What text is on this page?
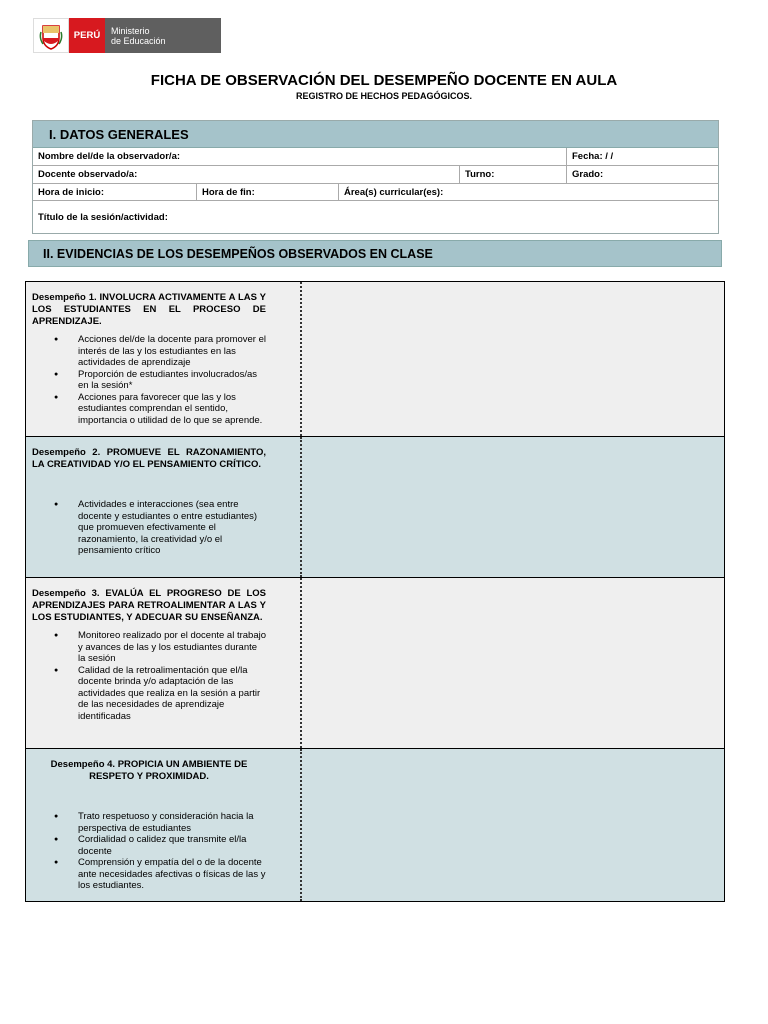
PERÚ	Ministerio
de Educación
FICHA DE OBSERVACIÓN DEL DESEMPEÑO DOCENTE EN AULA
REGISTRO DE HECHOS PEDAGÓGICOS.
I. DATOS GENERALES
Nombre del/de la observador/a:	Fecha: / /
Docente observado/a:	Turno:	Grado:
Hora de inicio:	Hora de fin:	Área(s) curricular(es):
Título de la sesión/actividad:
II. EVIDENCIAS DE LOS DESEMPEÑOS OBSERVADOS EN CLASE
Desempeño 1. INVOLUCRA ACTIVAMENTE A LAS Y LOS ESTUDIANTES EN EL PROCESO DE APRENDIZAJE.
● Acciones del/de la docente para promover el interés de las y los estudiantes en las actividades de aprendizaje
● Proporción de estudiantes involucrados/as en la sesión*
● Acciones para favorecer que las y los estudiantes comprendan el sentido, importancia o utilidad de lo que se aprende.
Desempeño 2. PROMUEVE EL RAZONAMIENTO, LA CREATIVIDAD Y/O EL PENSAMIENTO CRÍTICO.
● Actividades e interacciones (sea entre docente y estudiantes o entre estudiantes) que promueven efectivamente el razonamiento, la creatividad y/o el pensamiento crítico
Desempeño 3. EVALÚA EL PROGRESO DE LOS APRENDIZAJES PARA RETROALIMENTAR A LAS Y LOS ESTUDIANTES, Y ADECUAR SU ENSEÑANZA.
● Monitoreo realizado por el docente al trabajo y avances de las y los estudiantes durante la sesión
● Calidad de la retroalimentación que el/la docente brinda y/o adaptación de las actividades que realiza en la sesión a partir de las necesidades de aprendizaje identificadas
Desempeño 4. PROPICIA UN AMBIENTE DE RESPETO Y PROXIMIDAD.
● Trato respetuoso y consideración hacia la perspectiva de estudiantes
● Cordialidad o calidez que transmite el/la docente
● Comprensión y empatía del o de la docente ante necesidades afectivas o físicas de las y los estudiantes.
